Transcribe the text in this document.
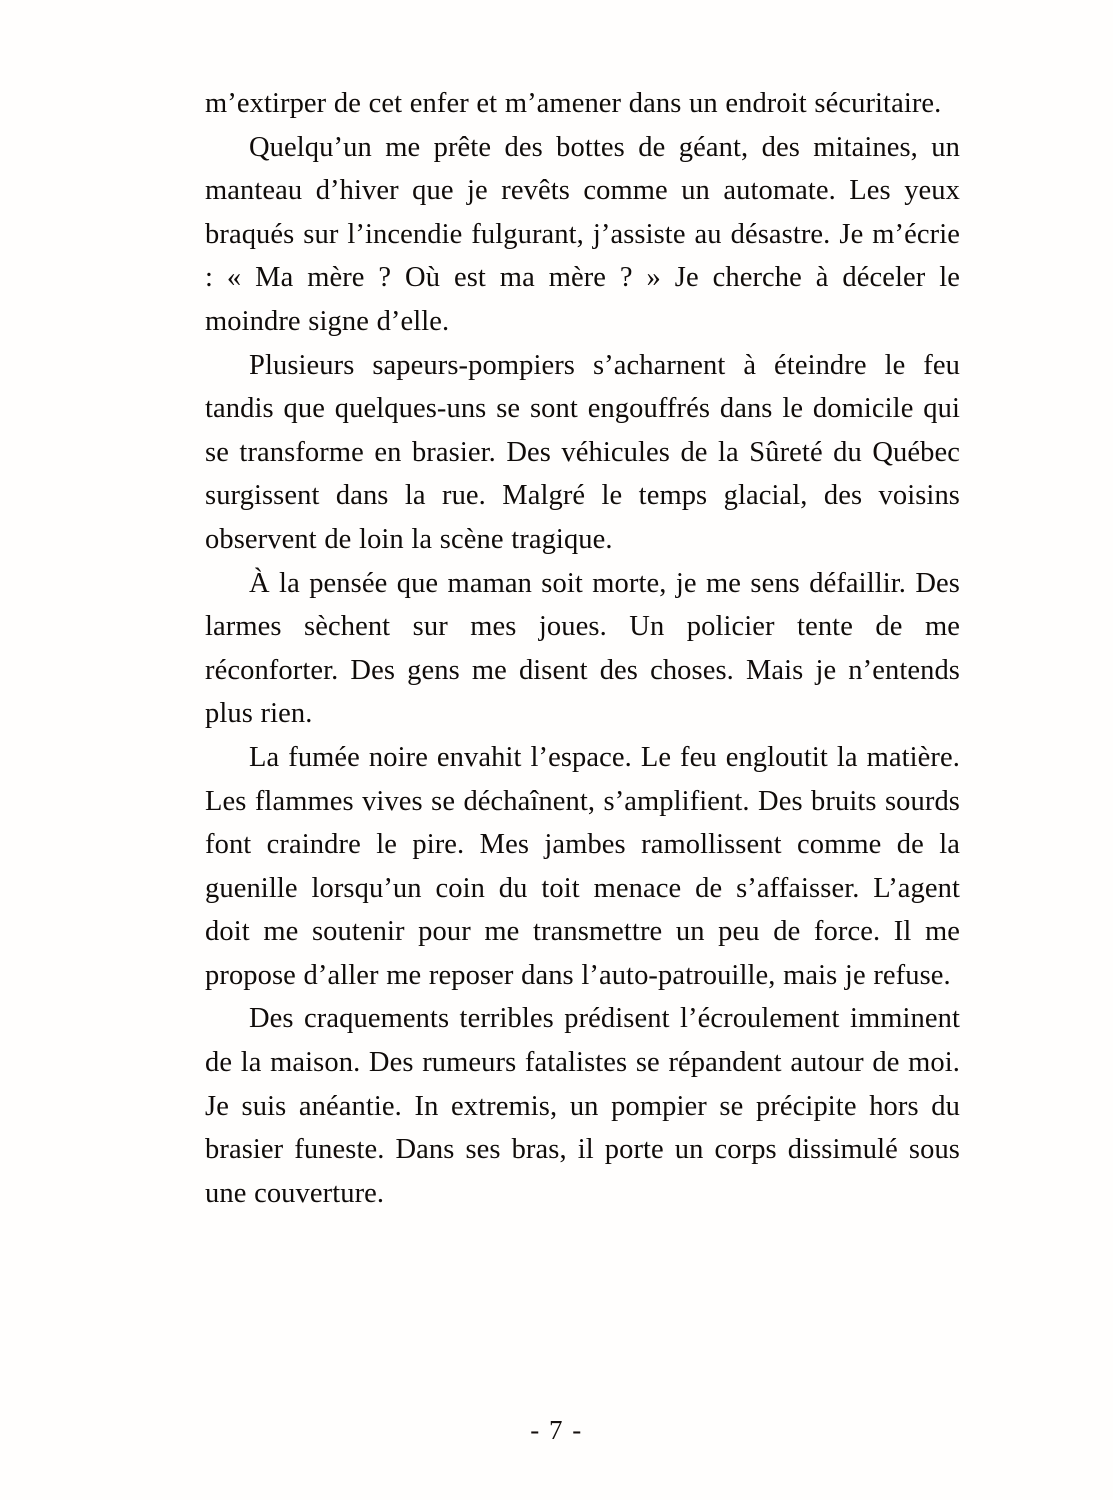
m’extirper de cet enfer et m’amener dans un endroit sécuritaire.

Quelqu’un me prête des bottes de géant, des mitaines, un manteau d’hiver que je revêts comme un automate. Les yeux braqués sur l’incendie fulgurant, j’assiste au désastre. Je m’écrie : « Ma mère ? Où est ma mère ? » Je cherche à déceler le moindre signe d’elle.

Plusieurs sapeurs-pompiers s’acharnent à éteindre le feu tandis que quelques-uns se sont engouffrés dans le domicile qui se transforme en brasier. Des véhicules de la Sûreté du Québec surgissent dans la rue. Malgré le temps glacial, des voisins observent de loin la scène tragique.

À la pensée que maman soit morte, je me sens défaillir. Des larmes sèchent sur mes joues. Un policier tente de me réconforter. Des gens me disent des choses. Mais je n’entends plus rien.

La fumée noire envahit l’espace. Le feu engloutit la matière. Les flammes vives se déchaînent, s’amplifient. Des bruits sourds font craindre le pire. Mes jambes ramollissent comme de la guenille lorsqu’un coin du toit menace de s’affaisser. L’agent doit me soutenir pour me transmettre un peu de force. Il me propose d’aller me reposer dans l’auto-patrouille, mais je refuse.

Des craquements terribles prédisent l’écroulement imminent de la maison. Des rumeurs fatalistes se répandent autour de moi. Je suis anéantie. In extremis, un pompier se précipite hors du brasier funeste. Dans ses bras, il porte un corps dissimulé sous une couverture.

- 7 -
